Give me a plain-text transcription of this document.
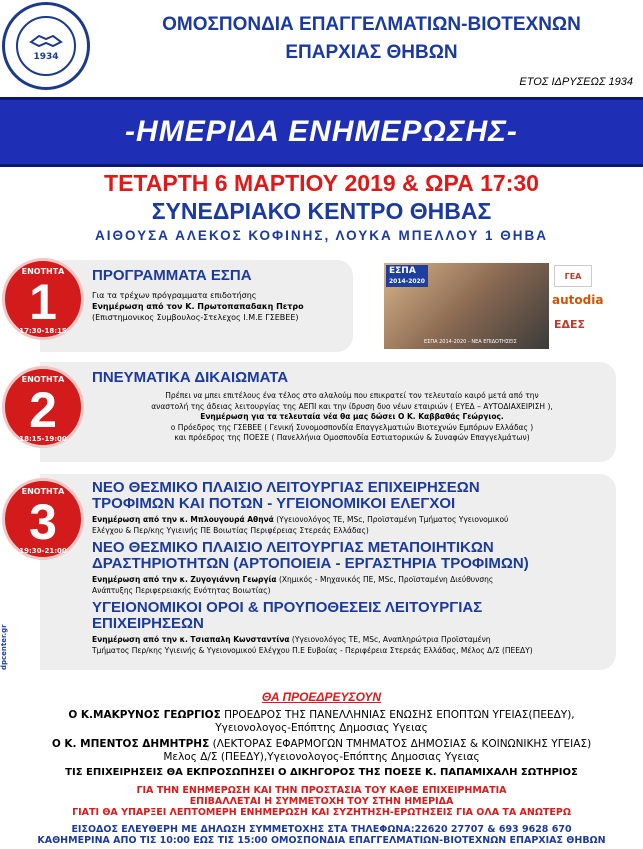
1934
ΟΜΟΣΠΟΝΔΙΑ ΕΠΑΓΓΕΛΜΑΤΙΩΝ-ΒΙΟΤΕΧΝΩΝ
ΕΠΑΡΧΙΑΣ ΘΗΒΩΝ
ΕΤΟΣ ΙΔΡΥΣΕΩΣ 1934
-ΗΜΕΡΙΔΑ ΕΝΗΜΕΡΩΣΗΣ-
ΤΕΤΑΡΤΗ 6 ΜΑΡΤΙΟΥ 2019 & ΩΡΑ 17:30
ΣΥΝΕΔΡΙΑΚΟ ΚΕΝΤΡΟ ΘΗΒΑΣ
ΑΙΘΟΥΣΑ ΑΛΕΚΟΣ ΚΟΦΙΝΗΣ, ΛΟΥΚΑ ΜΠΕΛΛΟΥ 1 ΘΗΒΑ
ΕΝΟΤΗΤΑ
1
17:30-18:15
ΠΡΟΓΡΑΜΜΑΤΑ ΕΣΠΑ
Για τα τρέχων πρόγραμματα επιδοτήσης
Ενημέρωση από τον Κ. Πρωτοπαπαδακη Πετρο
(Επιστημονικος Συμβουλος-Στελεχος Ι.Μ.Ε ΓΣΕΒΕΕ)
ΕΣΠΑ
2014-2020
ΕΣΠΑ 2014-2020 - ΝΕΑ ΕΠΙΔΟΤΗΣΕΙΣ
ΓΕΑ
autodia
ΕΔΕΣ
ΕΝΟΤΗΤΑ
2
18:15-19:00
ΠΝΕΥΜΑΤΙΚΑ ΔΙΚΑΙΩΜΑΤΑ
Πρέπει να μπει επιτέλους ένα τέλος στο αλαλούμ που επικρατεί τον τελευταίο καιρό μετά από την
αναστολή της άδειας λειτουργίας της ΑΕΠΙ και την ίδρυση δυο νέων εταιριών ( ΕΥΕΔ – ΑΥΤΟΔΙΑΧΕΙΡΙΣΗ ),
Ενημέρωση για τα τελευταία νέα θα μας δώσει Ο Κ. Καββαθάς Γεώργιος.
ο Πρόεδρος της ΓΣΕΒΕΕ ( Γενική Συνομοσπονδία Επαγγελματιών Βιοτεχνών Εμπόρων Ελλάδας )
και πρόεδρος της ΠΟΕΣΕ ( Πανελλήνια Ομοσπονδία Εστιατορικών & Συναφών Επαγγελμάτων)
ΕΝΟΤΗΤΑ
3
19:30-21:00
ΝΕΟ ΘΕΣΜΙΚΟ ΠΛΑΙΣΙΟ ΛΕΙΤΟΥΡΓΙΑΣ ΕΠΙΧΕΙΡΗΣΕΩΝ
ΤΡΟΦΙΜΩΝ ΚΑΙ ΠΟΤΩΝ - ΥΓΕΙΟΝΟΜΙΚΟΙ ΕΛΕΓΧΟΙ
Ενημέρωση από την κ. Μπλουγουρά Αθηνά (Υγειονολόγος ΤΕ, MSc, Προϊσταμένη Τμήματος Υγειονομικού
Ελέγχου & Περ/κης Υγιεινής ΠΕ Βοιωτίας Περιφέρειας Στερεάς Ελλάδας)
ΝΕΟ ΘΕΣΜΙΚΟ ΠΛΑΙΣΙΟ ΛΕΙΤΟΥΡΓΙΑΣ ΜΕΤΑΠΟΙΗΤΙΚΩΝ
ΔΡΑΣΤΗΡΙΟΤΗΤΩΝ (ΑΡΤΟΠΟΙΕΙΑ - ΕΡΓΑΣΤΗΡΙΑ ΤΡΟΦΙΜΩΝ)
Ενημέρωση από την κ. Ζυγογιάννη Γεωργία (Χημικός - Μηχανικός ΠΕ, MSc, Προϊσταμένη Διεύθυνσης
Ανάπτυξης Περιφερειακής Ενότητας Βοιωτίας)
ΥΓΕΙΟΝΟΜΙΚΟΙ ΟΡΟΙ & ΠΡΟΥΠΟΘΕΣΕΙΣ ΛΕΙΤΟΥΡΓΙΑΣ
ΕΠΙΧΕΙΡΗΣΕΩΝ
Ενημέρωση από την κ. Τσιαπαλη Κωνσταντίνα (Υγειονολόγος ΤΕ, MSc, Αναπληρώτρια Προϊσταμένη
Τμήματος Περ/κης Υγιεινής & Υγειονομικού Ελέγχου Π.Ε Ευβοίας - Περιφέρεια Στερεάς Ελλάδας, Μέλος Δ/Σ (ΠΕΕΔΥ)
dpcenter.gr
ΘΑ ΠΡΟΕΔΡΕΥΣΟΥΝ
Ο Κ.ΜΑΚΡΥΝΟΣ ΓΕΩΡΓΙΟΣ ΠΡΟΕΔΡΟΣ ΤΗΣ ΠΑΝΕΛΛΗΝΙΑΣ ΕΝΩΣΗΣ ΕΠΟΠΤΩΝ ΥΓΕΙΑΣ(ΠΕΕΔΥ),
Υγειονολογος-Επόπτης Δημοσιας Υγειας
Ο Κ. ΜΠΕΝΤΟΣ ΔΗΜΗΤΡΗΣ (ΛΕΚΤΟΡΑΣ ΕΦΑΡΜΟΓΩΝ ΤΜΗΜΑΤΟΣ ΔΗΜΟΣΙΑΣ & ΚΟΙΝΩΝΙΚΗΣ ΥΓΕΙΑΣ)
Μελος Δ/Σ (ΠΕΕΔΥ),Υγειονολογος-Επόπτης Δημοσιας Υγειας
ΤΙΣ ΕΠΙΧΕΙΡΗΣΕΙΣ ΘΑ ΕΚΠΡΟΣΩΠΗΣΕΙ Ο ΔΙΚΗΓΟΡΟΣ ΤΗΣ ΠΟΕΣΕ Κ. ΠΑΠΑΜΙΧΑΛΗ ΣΩΤΗΡΙΟΣ
ΓΙΑ ΤΗΝ ΕΝΗΜΕΡΩΣΗ ΚΑΙ ΤΗΝ ΠΡΟΣΤΑΣΙΑ ΤΟΥ ΚΑΘΕ ΕΠΙΧΕΙΡΗΜΑΤΙΑ
ΕΠΙΒΑΛΛΕΤΑΙ Η ΣΥΜΜΕΤΟΧΗ ΤΟΥ ΣΤΗΝ ΗΜΕΡΙΔΑ
ΓΙΑΤΙ ΘΑ ΥΠΑΡΞΕΙ ΛΕΠΤΟΜΕΡΗ ΕΝΗΜΕΡΩΣΗ ΚΑΙ ΣΥΖΗΤΗΣΗ-ΕΡΩΤΗΣΕΙΣ ΓΙΑ ΟΛΑ ΤΑ ΑΝΩΤΕΡΩ
ΕΙΣΟΔΟΣ ΕΛΕΥΘΕΡΗ ΜΕ ΔΗΛΩΣΗ ΣΥΜΜΕΤΟΧΗΣ ΣΤΑ ΤΗΛΕΦΩΝΑ:22620 27707 & 693 9628 670
ΚΑΘΗΜΕΡΙΝΑ ΑΠΟ ΤΙΣ 10:00 ΕΩΣ ΤΙΣ 15:00 ΟΜΟΣΠΟΝΔΙΑ ΕΠΑΓΓΕΛΜΑΤΙΩΝ-ΒΙΟΤΕΧΝΩΝ ΕΠΑΡΧΙΑΣ ΘΗΒΩΝ
